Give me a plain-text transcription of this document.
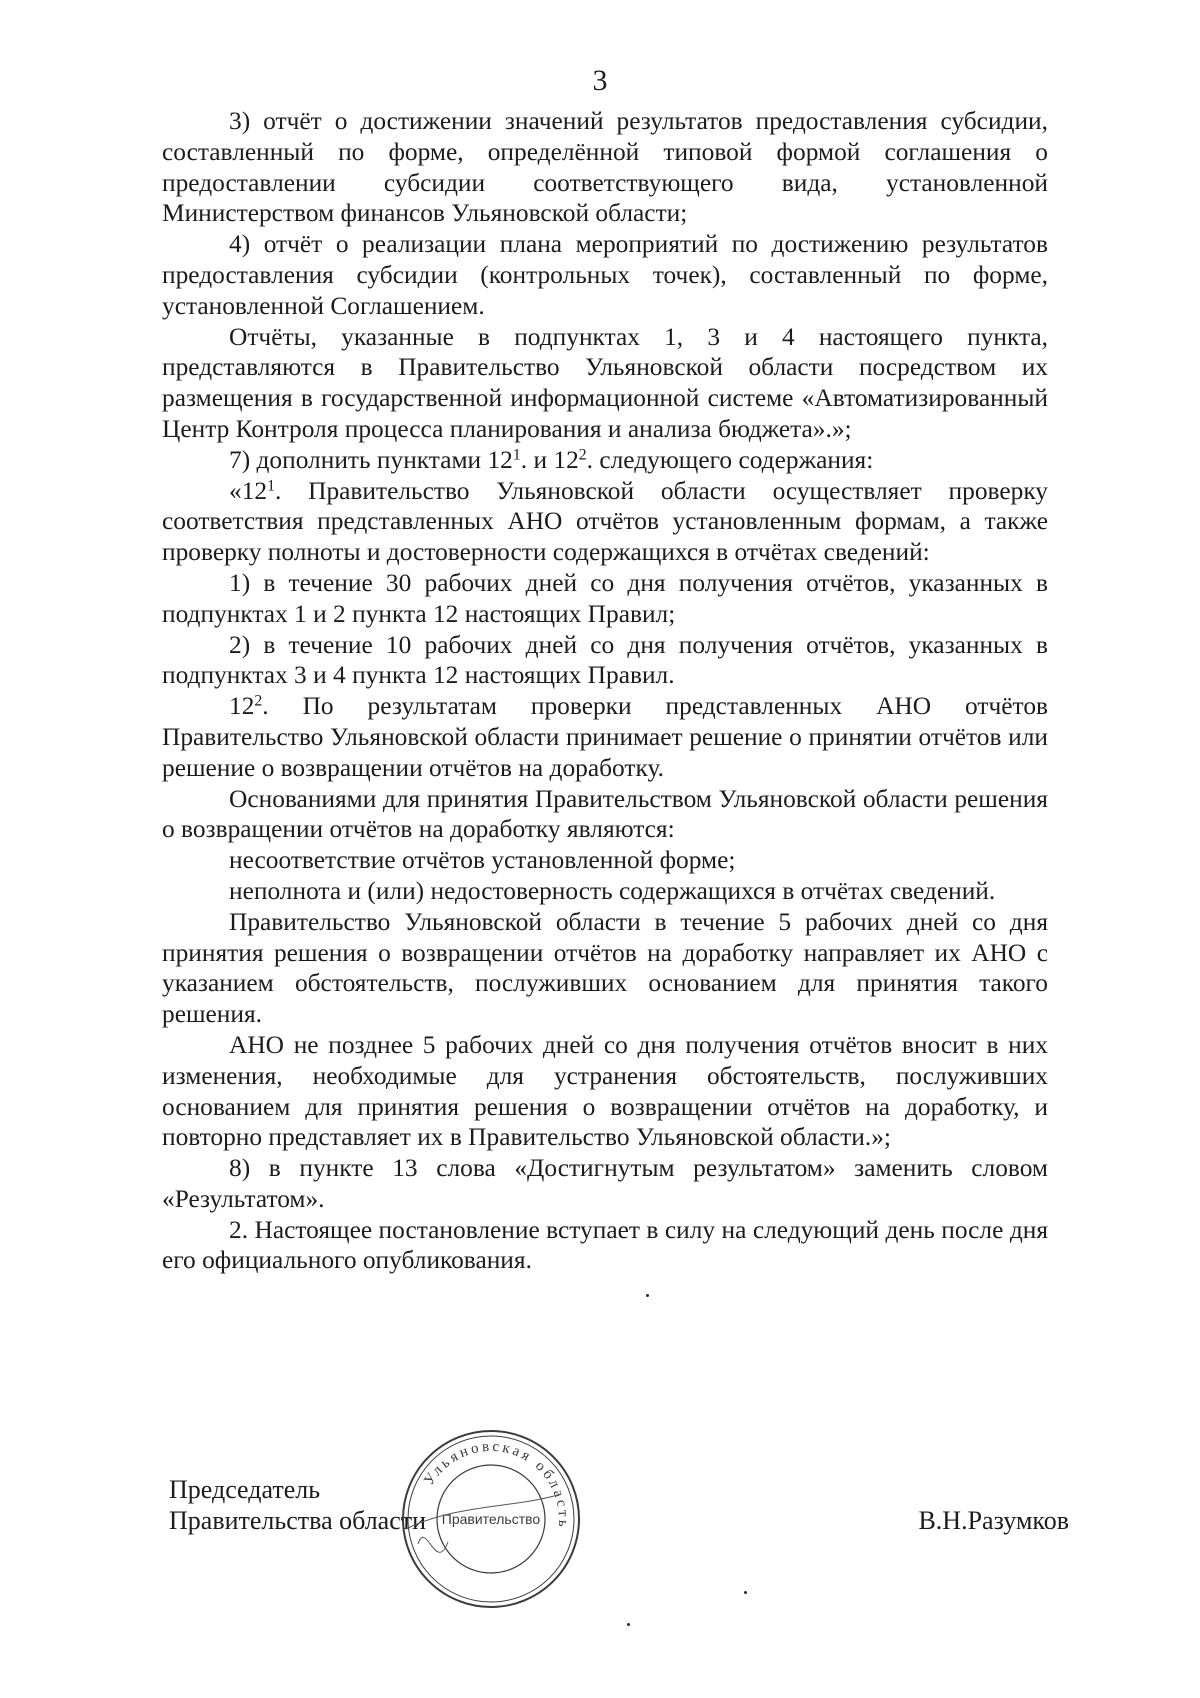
3

3) отчёт о достижении значений результатов предоставления субсидии, составленный по форме, определённой типовой формой соглашения о предоставлении субсидии соответствующего вида, установленной Министерством финансов Ульяновской области;

4) отчёт о реализации плана мероприятий по достижению результатов предоставления субсидии (контрольных точек), составленный по форме, установленной Соглашением.

Отчёты, указанные в подпунктах 1, 3 и 4 настоящего пункта, представляются в Правительство Ульяновской области посредством их размещения в государственной информационной системе «Автоматизированный Центр Контроля процесса планирования и анализа бюджета».»;

7) дополнить пунктами $12^1$. и $12^2$. следующего содержания:

«$12^1$. Правительство Ульяновской области осуществляет проверку соответствия представленных АНО отчётов установленным формам, а также проверку полноты и достоверности содержащихся в отчётах сведений:

1) в течение 30 рабочих дней со дня получения отчётов, указанных в подпунктах 1 и 2 пункта 12 настоящих Правил;

2) в течение 10 рабочих дней со дня получения отчётов, указанных в подпунктах 3 и 4 пункта 12 настоящих Правил.

$12^2$. По результатам проверки представленных АНО отчётов Правительство Ульяновской области принимает решение о принятии отчётов или решение о возвращении отчётов на доработку.

Основаниями для принятия Правительством Ульяновской области решения о возвращении отчётов на доработку являются:

несоответствие отчётов установленной форме;

неполнота и (или) недостоверность содержащихся в отчётах сведений.

Правительство Ульяновской области в течение 5 рабочих дней со дня принятия решения о возвращении отчётов на доработку направляет их АНО с указанием обстоятельств, послуживших основанием для принятия такого решения.

АНО не позднее 5 рабочих дней со дня получения отчётов вносит в них изменения, необходимые для устранения обстоятельств, послуживших основанием для принятия решения о возвращении отчётов на доработку, и повторно представляет их в Правительство Ульяновской области.»;

8) в пункте 13 слова «Достигнутым результатом» заменить словом «Результатом».

2. Настоящее постановление вступает в силу на следующий день после дня его официального опубликования.

Председатель
Правительства области
Ульяновская область
Правительство	В.Н.Разумков
